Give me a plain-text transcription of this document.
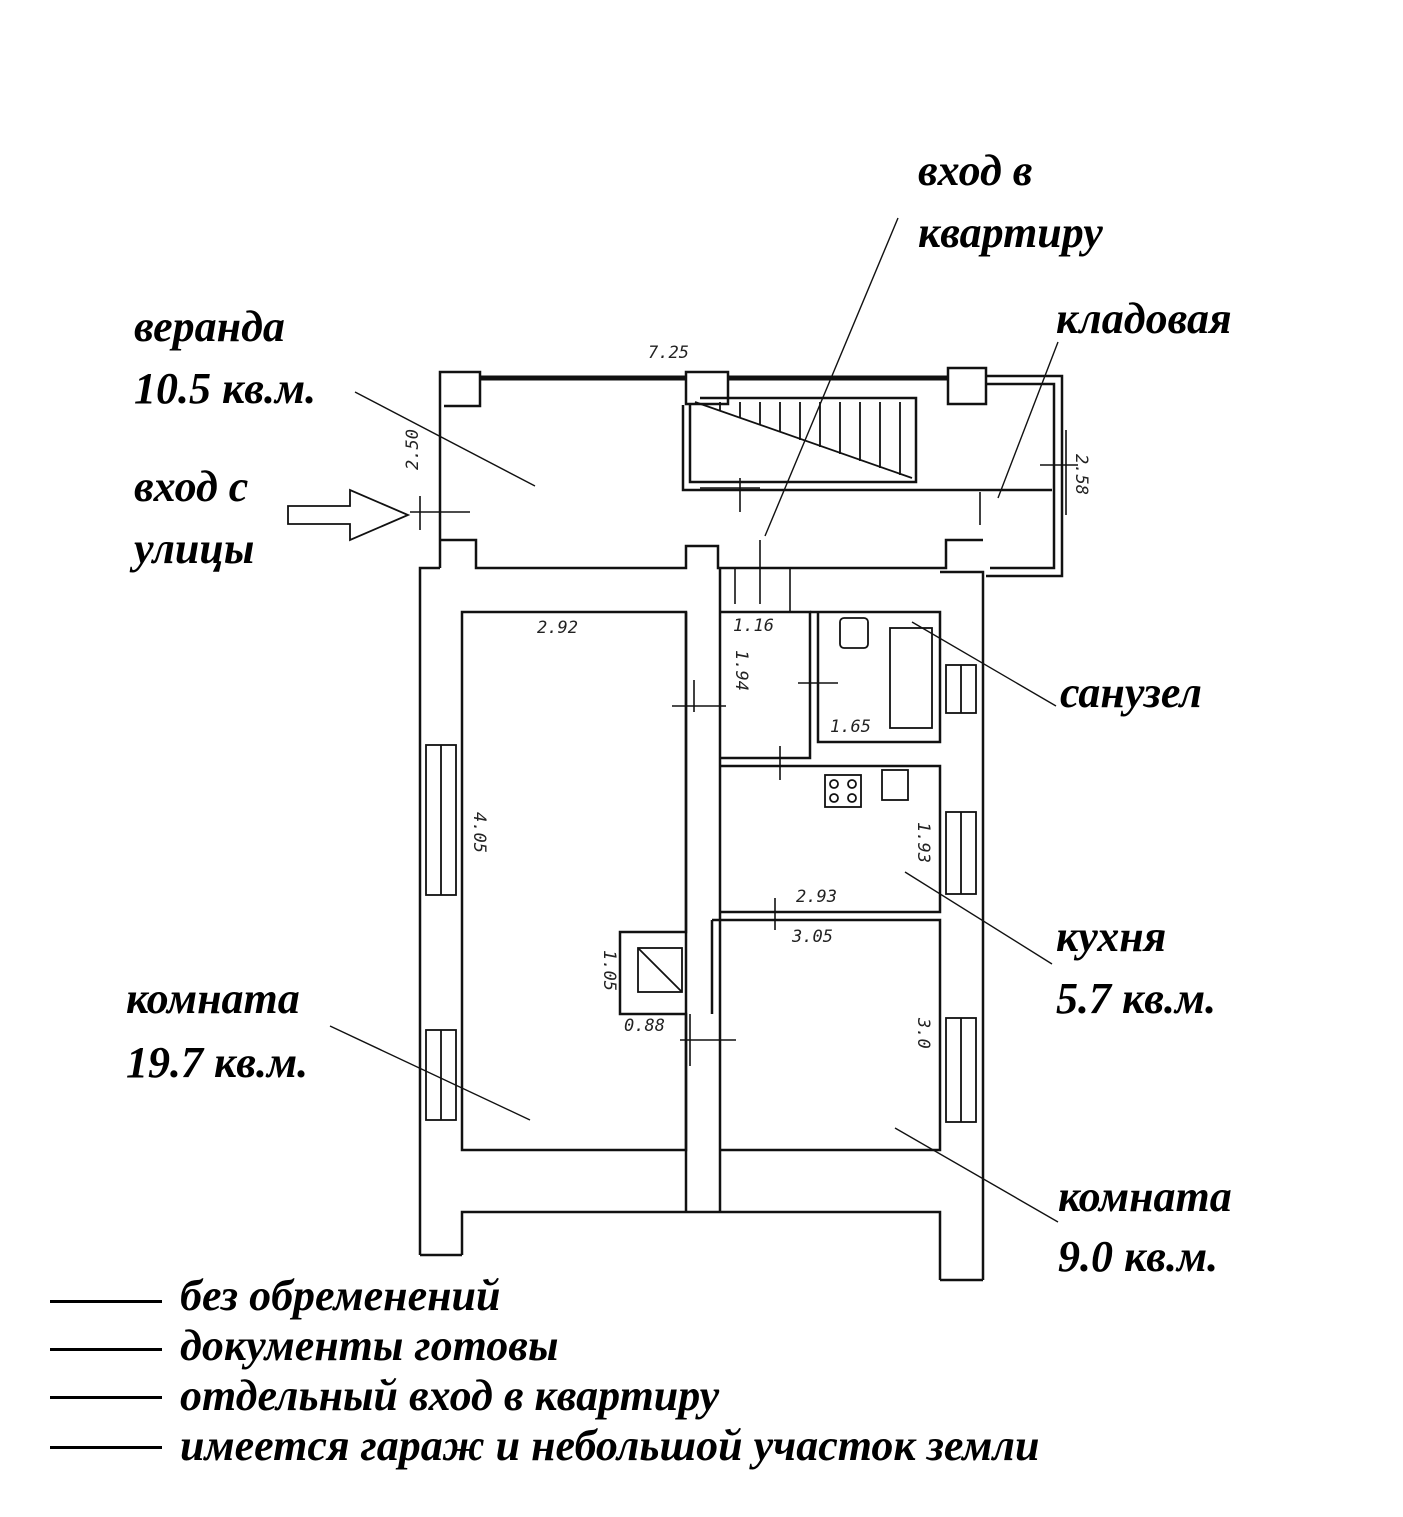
7.25
2.50
2.58
2.92
4.05
1.16
1.94
1.65
2.93
1.93
3.05
3.0
1.05
0.88
вход в
квартиру
кладовая
веранда
10.5 кв.м.
вход с
улицы
санузел
кухня
5.7 кв.м.
комната
19.7 кв.м.
комната
9.0 кв.м.
без обременений
документы готовы
отдельный вход в квартиру
имеется гараж и небольшой участок земли
